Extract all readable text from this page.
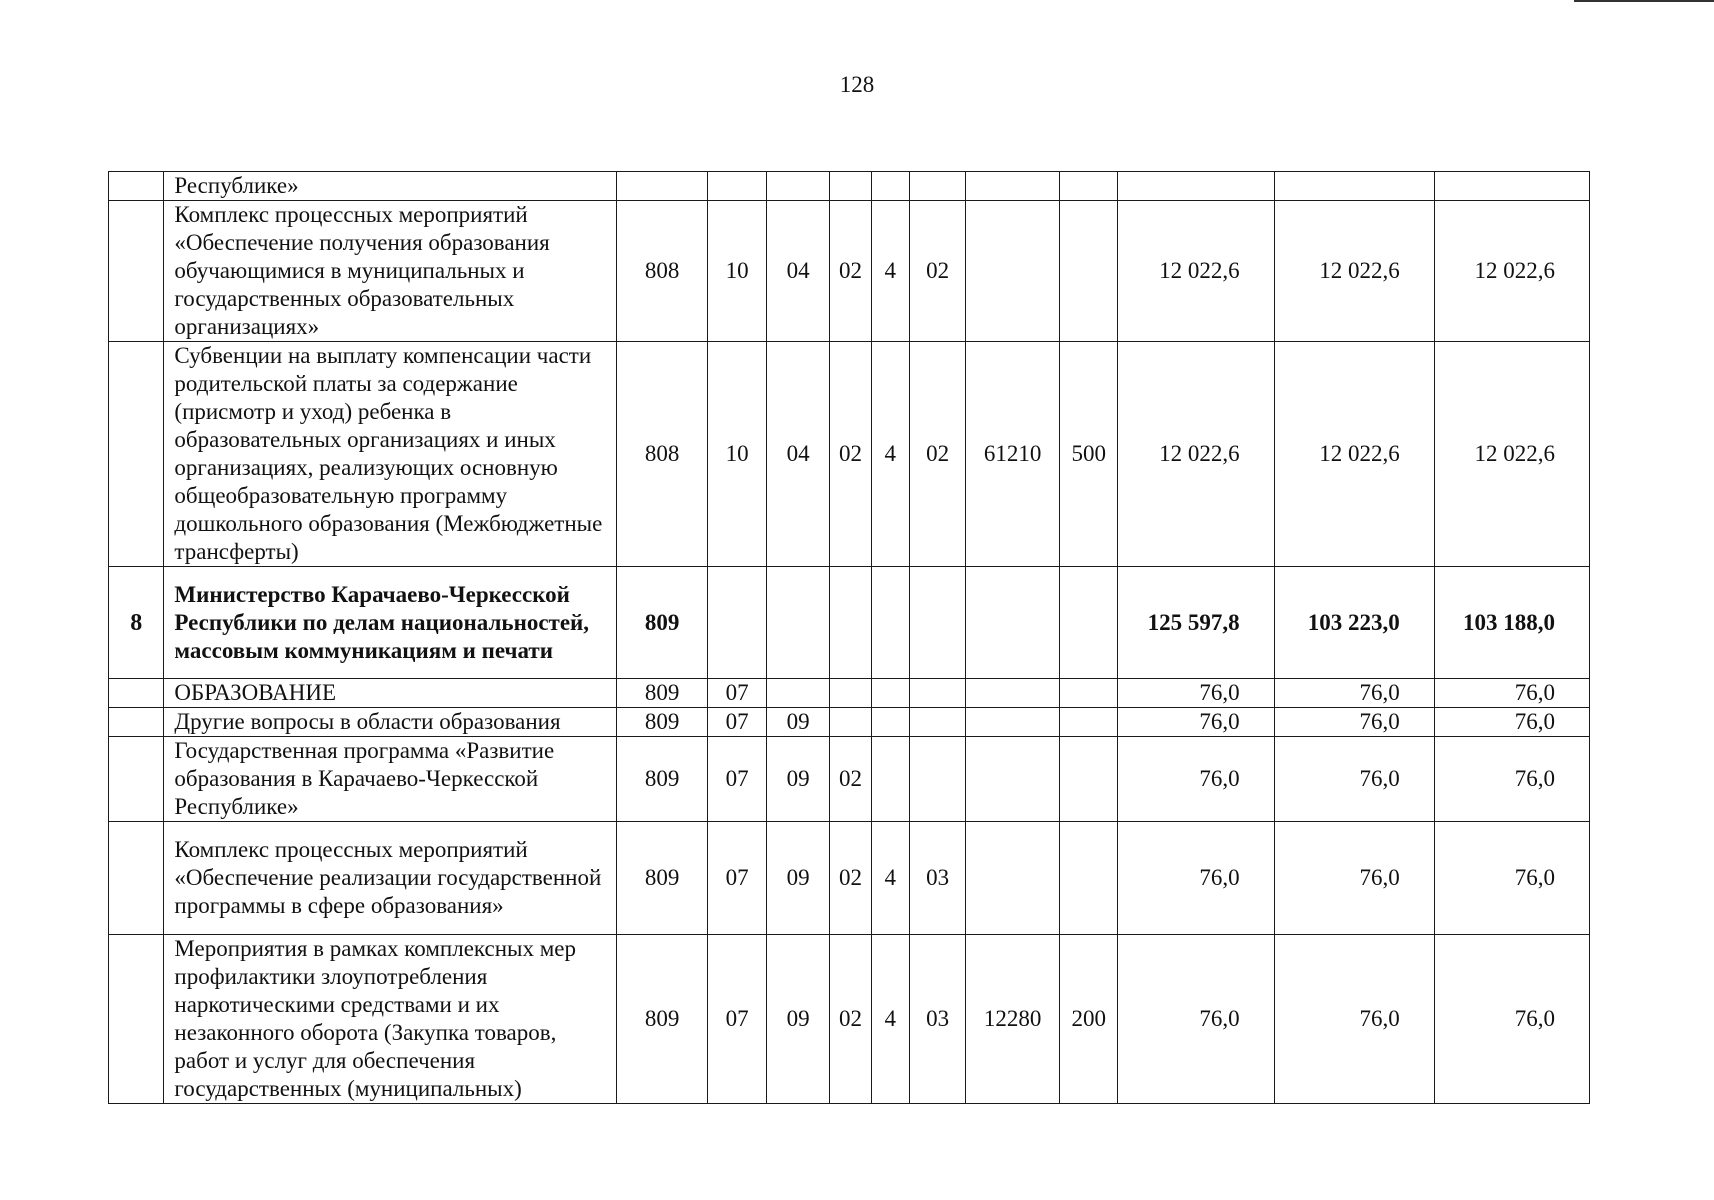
128
	Республике»											
	Комплекс процесcных мероприятий «Обеспечение получения образования обучающимися в муниципальных и государственных образовательных организациях»	808	10	04	02	4	02			12 022,6	12 022,6	12 022,6
	Субвенции на выплату компенсации части родительской платы за содержание (присмотр и уход) ребенка в образовательных организациях и иных организациях, реализующих основную общеобразовательную программу дошкольного образования (Межбюджетные трансферты)	808	10	04	02	4	02	61210	500	12 022,6	12 022,6	12 022,6
8	Министерство Карачаево-Черкесской Республики по делам национальностей, массовым коммуникациям и печати	809								125 597,8	103 223,0	103 188,0
	ОБРАЗОВАНИЕ	809	07							76,0	76,0	76,0
	Другие вопросы в области образования	809	07	09						76,0	76,0	76,0
	Государственная программа «Развитие образования в Карачаево-Черкесской Республике»	809	07	09	02					76,0	76,0	76,0
	Комплекс процессных мероприятий «Обеспечение реализации государственной программы в сфере образования»	809	07	09	02	4	03			76,0	76,0	76,0
	Мероприятия в рамках комплексных мер профилактики злоупотребления наркотическими средствами и их незаконного оборота (Закупка товаров, работ и услуг для обеспечения государственных (муниципальных)	809	07	09	02	4	03	12280	200	76,0	76,0	76,0
